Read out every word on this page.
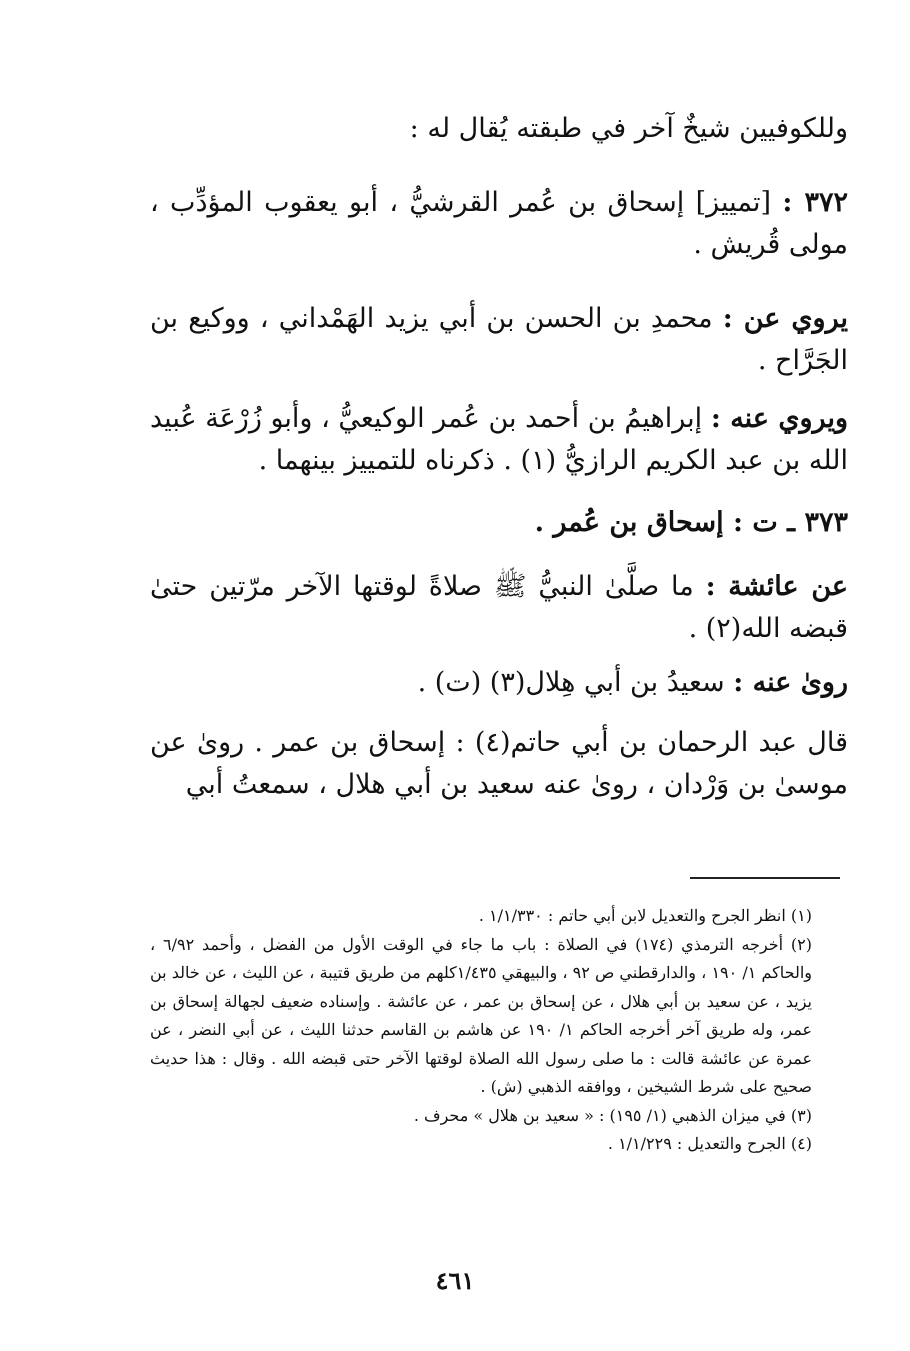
وللكوفيين شيخٌ آخر في طبقته يُقال له :

٣٧٢ : [تمييز] إسحاق بن عُمر القرشيُّ ، أبو يعقوب المؤدِّب ، مولى قُريش .

يروي عن : محمدِ بن الحسن بن أبي يزيد الهَمْداني ، ووكيع بن الجَرَّاح .

ويروي عنه : إبراهيمُ بن أحمد بن عُمر الوكيعيُّ ، وأبو زُرْعَة عُبيد الله بن عبد الكريم الرازيُّ (١) . ذكرناه للتمييز بينهما .

٣٧٣ ـ ت : إسحاق بن عُمر .

عن عائشة : ما صلَّىٰ النبيُّ ﷺ صلاةً لوقتها الآخر مرّتين حتىٰ قبضه الله(٢) .

روىٰ عنه : سعيدُ بن أبي هِلال(٣) (ت) .

قال عبد الرحمان بن أبي حاتم(٤) : إسحاق بن عمر . روىٰ عن موسىٰ بن وَرْدان ، روىٰ عنه سعيد بن أبي هلال ، سمعتُ أبي

(١) انظر الجرح والتعديل لابن أبي حاتم : ١/١/٣٣٠ .

(٢) أخرجه الترمذي (١٧٤) في الصلاة : باب ما جاء في الوقت الأول من الفضل ، وأحمد ٦/٩٢ ، والحاكم ١/ ١٩٠ ، والدارقطني ص ٩٢ ، والبيهقي ١/٤٣٥كلهم من طريق قتيبة ، عن الليث ، عن خالد بن يزيد ، عن سعيد بن أبي هلال ، عن إسحاق بن عمر ، عن عائشة . وإسناده ضعيف لجهالة إسحاق بن عمر، وله طريق آخر أخرجه الحاكم ١/ ١٩٠ عن هاشم بن القاسم حدثنا الليث ، عن أبي النضر ، عن عمرة عن عائشة قالت : ما صلى رسول الله الصلاة لوقتها الآخر حتى قبضه الله . وقال : هذا حديث صحيح على شرط الشيخين ، ووافقه الذهبي (ش) .

(٣) في ميزان الذهبي (١/ ١٩٥) : « سعيد بن هلال » محرف .

(٤) الجرح والتعديل : ١/١/٢٢٩ .

٤٦١
